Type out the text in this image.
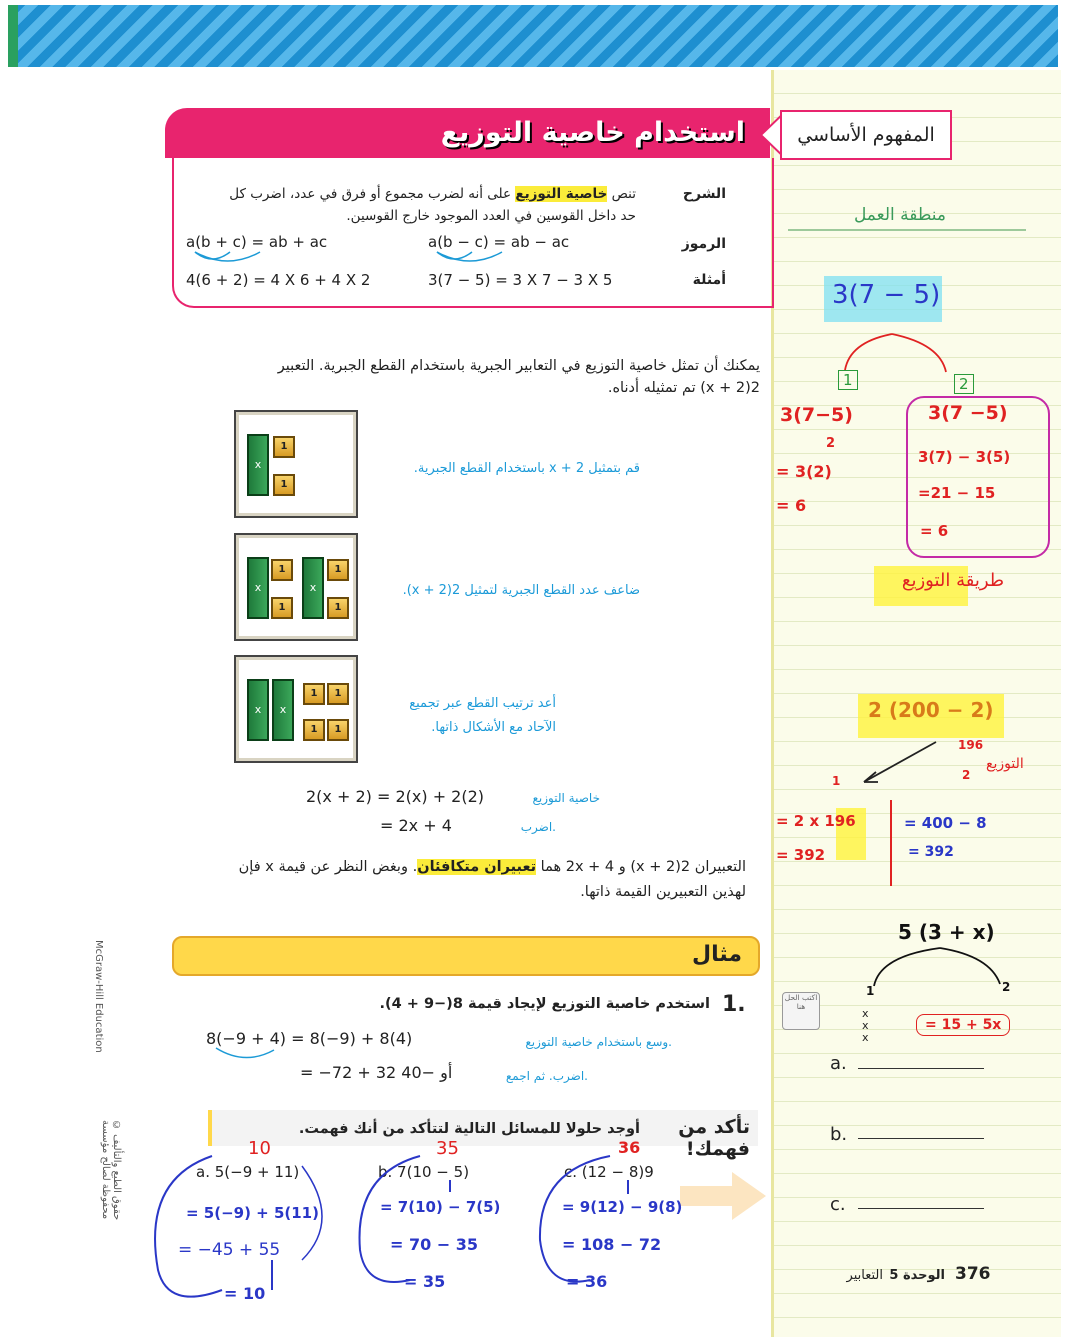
منطقة العمل
استخدام خاصية التوزيع	المفهوم الأساسي
الشرح
تنص خاصية التوزيع على أنه لضرب مجموع أو فرق في عدد، اضرب كل
حد داخل القوسين في العدد الموجود خارج القوسين.
الرموز
a(b + c) = ab + ac	a(b − c) = ab − ac
أمثلة
4(6 + 2) = 4 X 6 + 4 X 2	3(7 − 5) = 3 X 7 − 3 X 5
يمكنك أن تمثل خاصية التوزيع في التعابير الجبرية باستخدام القطع الجبرية. التعبير
2(x + 2) تم تمثيله أدناه.
x
1
1
قم بتمثيل x + 2 باستخدام القطع الجبرية.
x
1
1
x
1
1
ضاعف عدد القطع الجبرية لتمثيل 2(x + 2).
x	x
1	1
1	1
أعد ترتيب القطع عبر تجميع
الآحاد مع الأشكال ذاتها.
2(x + 2) = 2(x) + 2(2)	خاصية التوزيع
= 2x + 4	اضرب.
التعبيران 2(x + 2) و 2x + 4 هما تعبيران متكافئان. وبغض النظر عن قيمة x فإن
لهذين التعبيرين القيمة ذاتها.
مثال
1.
استخدم خاصية التوزيع لإيجاد قيمة 8(−9 + 4).
8(−9 + 4) = 8(−9) + 8(4)	وسع باستخدام خاصية التوزيع.
= −72 + 32 أو −40	اضرب. ثم اجمع.
تأكد من فهمك!
أوجد حلولا للمسائل التالية لتتأكد من أنك فهمت.
a. 5(−9 + 11)	b. 7(10 − 5)	c. (12 − 8)9
a.
b.
c.
اكتب الحل هنا
McGraw-Hill Education
حقوق الطبع والتأليف © محفوظة لصالح مؤسسة
376
الوحدة 5
التعابير
3(7 − 5)
1	2
3(7−5)
2
= 3(2)
= 6
3(7 −5)
3(7) − 3(5)
=21 − 15
= 6
طريقة التوزيع
2 (200 − 2)
196
التوزيع
1	2
= 2 x 196
= 392
= 400 − 8
= 392
5 (3 + x)
1	2
= 15 + 5x
x x x
10
= 5(−9) + 5(11)
= −45 + 55
= 10
35
= 7(10) − 7(5)
= 70 − 35
= 35
36
= 9(12) − 9(8)
= 108 − 72
= 36
